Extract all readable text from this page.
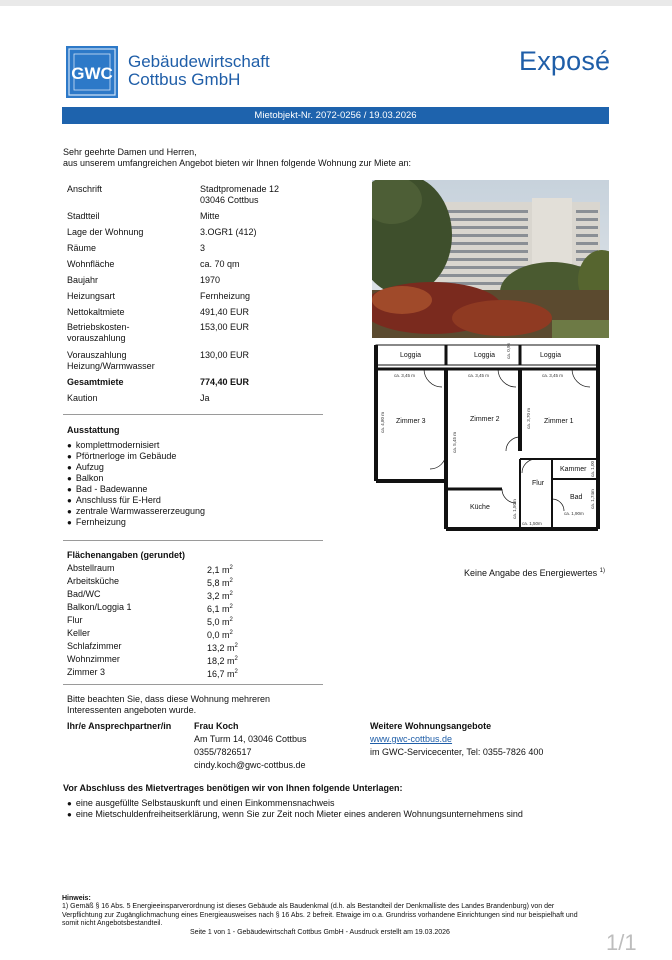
GWC
Gebäudewirtschaft
Cottbus GmbH
Exposé
Mietobjekt-Nr. 2072-0256 / 19.03.2026
Sehr geehrte Damen und Herren,
aus unserem umfangreichen Angebot bieten wir Ihnen folgende Wohnung zur Miete an:
Anschrift	Stadtpromenade 12
03046 Cottbus
Stadtteil	Mitte
Lage der Wohnung	3.OGR1 (412)
Räume	3
Wohnfläche	ca. 70 qm
Baujahr	1970
Heizungsart	Fernheizung
Nettokaltmiete	491,40 EUR
Betriebskosten-
vorauszahlung
153,00 EUR
Vorauszahlung
Heizung/Warmwasser
130,00 EUR
Gesamtmiete	774,40 EUR
Kaution	Ja
Loggia	Loggia	Loggia
Zimmer 3	Zimmer 2	Zimmer 1
Kammer
Flur
Bad
Küche
ca. 3,45 m	ca. 3,45 m	ca. 3,45 m
ca. 0,95
ca. 4,80 m
ca. 5,45 m
ca. 3,70 m
ca. 1,00
ca. 1,74m
ca. 1,50m
ca. 1,50m
ca. 1,90m
Ausstattung
● komplettmodernisiert
● Pförtnerloge im Gebäude
● Aufzug
● Balkon
● Bad - Badewanne
● Anschluss für E-Herd
● zentrale Warmwassererzeugung
● Fernheizung
Flächenangaben (gerundet)
Abstellraum	2,1 $m^2$
Arbeitsküche	5,8 $m^2$
Bad/WC	3,2 $m^2$
Balkon/Loggia 1	6,1 $m^2$
Flur	5,0 $m^2$
Keller	0,0 $m^2$
Schlafzimmer	13,2 $m^2$
Wohnzimmer	18,2 $m^2$
Zimmer 3	16,7 $m^2$
Keine Angabe des Energiewertes $^{1)}$
Bitte beachten Sie, dass diese Wohnung mehreren
Interessenten angeboten wurde.
Ihr/e Ansprechpartner/in	Frau Koch
Am Turm 14, 03046 Cottbus
0355/7826517
cindy.koch@gwc-cottbus.de
Weitere Wohnungsangebote
www.gwc-cottbus.de
im GWC-Servicecenter, Tel: 0355-7826 400
Vor Abschluss des Mietvertrages benötigen wir von Ihnen folgende Unterlagen:
● eine ausgefüllte Selbstauskunft und einen Einkommensnachweis
● eine Mietschuldenfreiheitserklärung, wenn Sie zur Zeit noch Mieter eines anderen Wohnungsunternehmens sind
Hinweis:
1) Gemäß § 16 Abs. 5 Energieeinsparverordnung ist dieses Gebäude als Baudenkmal (d.h. als Bestandteil der Denkmalliste des Landes Brandenburg) von der Verpflichtung zur Zugänglichmachung eines Energieausweises nach § 16 Abs. 2 befreit. Etwaige im o.a. Grundriss vorhandene Einrichtungen sind nur beispielhaft und somit nicht Angebotsbestandteil.
Seite 1 von 1 - Gebäudewirtschaft Cottbus GmbH - Ausdruck erstellt am 19.03.2026	1/1
